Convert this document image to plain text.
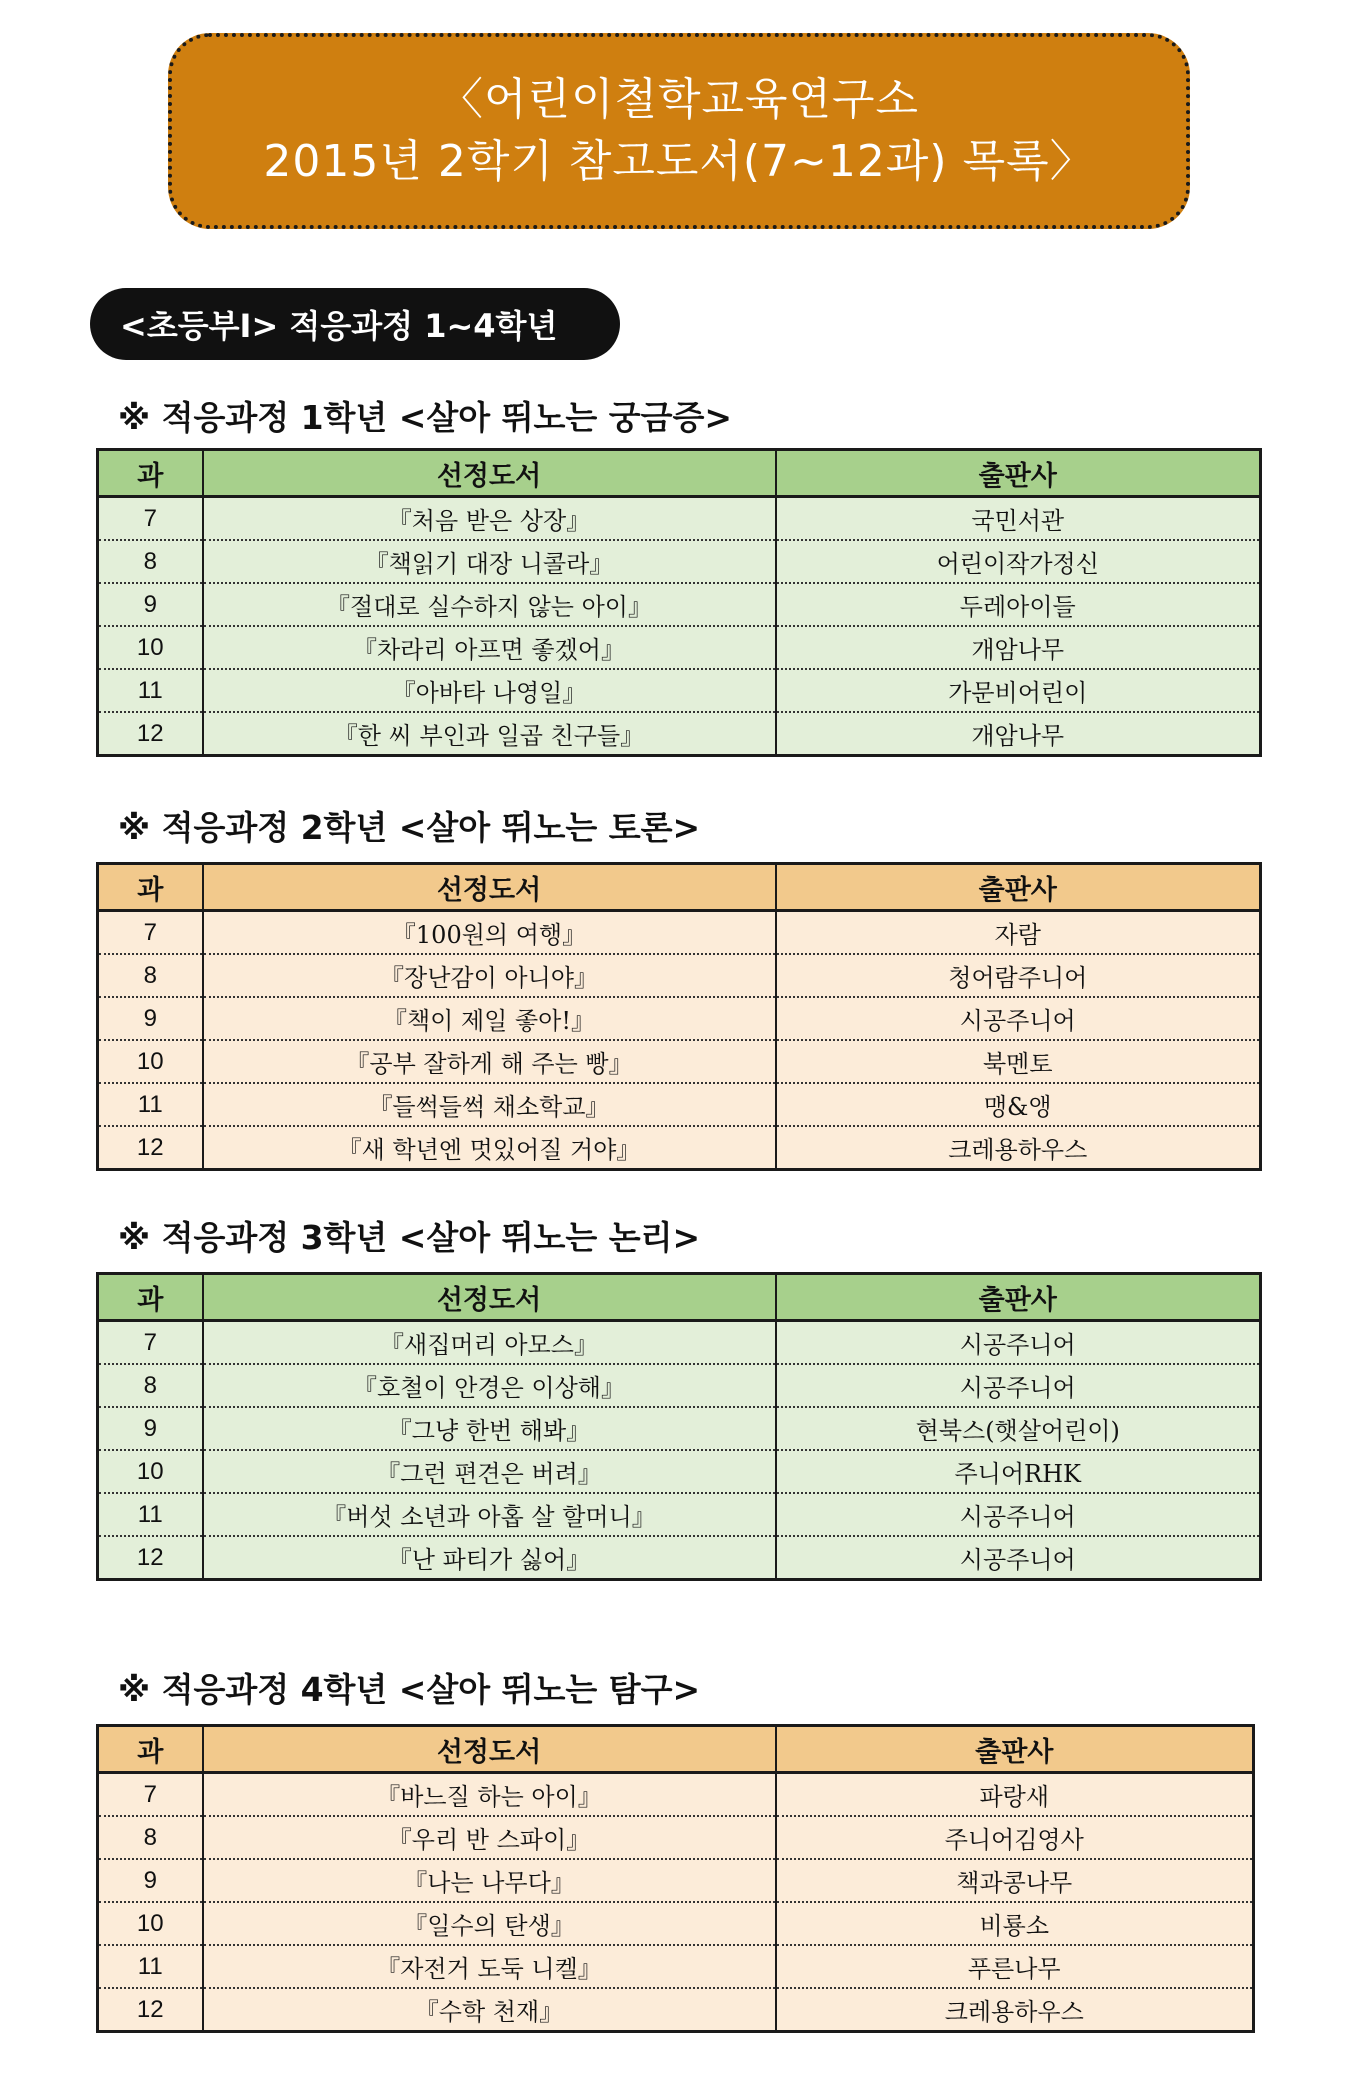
〈어린이철학교육연구소
2015년 2학기 참고도서(7~12과) 목록〉
<초등부Ⅰ> 적응과정 1~4학년
※ 적응과정 1학년 <살아 뛰노는 궁금증>
과	선정도서	출판사
7	『처음 받은 상장』	국민서관
8	『책읽기 대장 니콜라』	어린이작가정신
9	『절대로 실수하지 않는 아이』	두레아이들
10	『차라리 아프면 좋겠어』	개암나무
11	『아바타 나영일』	가문비어린이
12	『한 씨 부인과 일곱 친구들』	개암나무
※ 적응과정 2학년 <살아 뛰노는 토론>
과	선정도서	출판사
7	『100원의 여행』	자람
8	『장난감이 아니야』	청어람주니어
9	『책이 제일 좋아!』	시공주니어
10	『공부 잘하게 해 주는 빵』	북멘토
11	『들썩들썩 채소학교』	맹&앵
12	『새 학년엔 멋있어질 거야』	크레용하우스
※ 적응과정 3학년 <살아 뛰노는 논리>
과	선정도서	출판사
7	『새집머리 아모스』	시공주니어
8	『호철이 안경은 이상해』	시공주니어
9	『그냥 한번 해봐』	현북스(햇살어린이)
10	『그런 편견은 버려』	주니어RHK
11	『버섯 소년과 아홉 살 할머니』	시공주니어
12	『난 파티가 싫어』	시공주니어
※ 적응과정 4학년 <살아 뛰노는 탐구>
과	선정도서	출판사
7	『바느질 하는 아이』	파랑새
8	『우리 반 스파이』	주니어김영사
9	『나는 나무다』	책과콩나무
10	『일수의 탄생』	비룡소
11	『자전거 도둑 니켈』	푸른나무
12	『수학 천재』	크레용하우스
